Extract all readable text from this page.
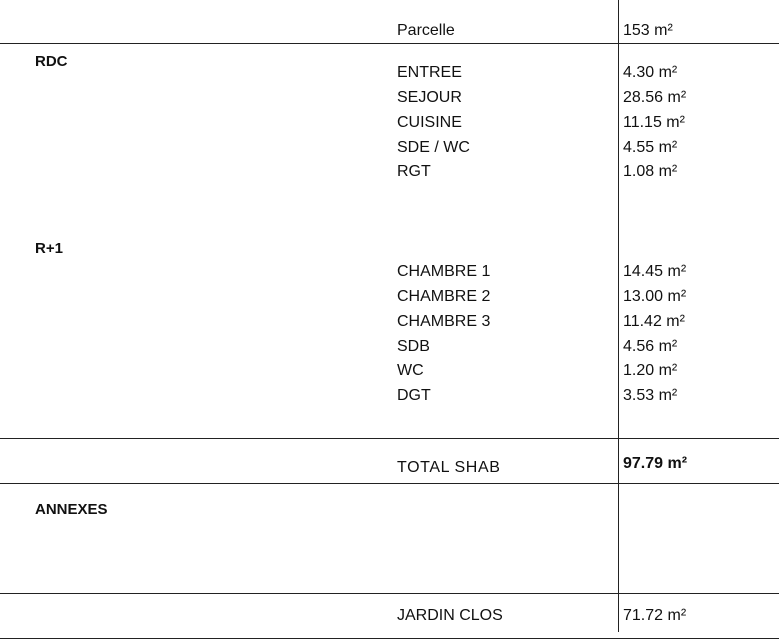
Parcelle	153 m²
RDC
ENTREE	4.30 m²
SEJOUR	28.56 m²
CUISINE	11.15 m²
SDE / WC	4.55 m²
RGT	1.08 m²
R+1
CHAMBRE 1	14.45 m²
CHAMBRE 2	13.00 m²
CHAMBRE 3	11.42 m²
SDB	4.56 m²
WC	1.20 m²
DGT	3.53 m²
TOTAL SHAB	97.79 m²
ANNEXES
JARDIN CLOS	71.72 m²
